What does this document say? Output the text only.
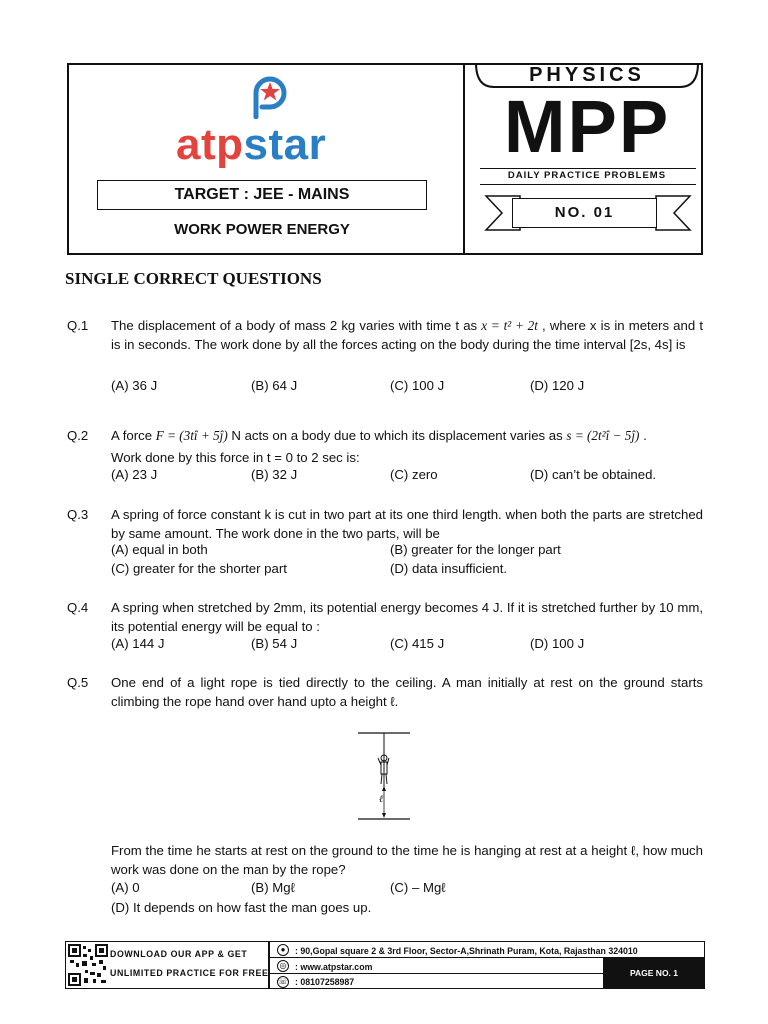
atpstar
TARGET : JEE - MAINS
WORK POWER ENERGY
PHYSICS
MPP
DAILY PRACTICE PROBLEMS
NO. 01
SINGLE CORRECT QUESTIONS
Q.1 The displacement of a body of mass 2 kg varies with time t as x = t² + 2t , where x is in meters and t is in seconds. The work done by all the forces acting on the body during the time interval [2s, 4s] is
(A) 36 J	(B) 64 J	(C) 100 J	(D) 120 J
Q.2 A force F = (3tî + 5ĵ) N acts on a body due to which its displacement varies as s = (2t²î − 5ĵ) .
Work done by this force in t = 0 to 2 sec is:
(A) 23 J	(B) 32 J	(C) zero	(D) can’t be obtained.
Q.3 A spring of force constant k is cut in two part at its one third length. when both the parts are stretched by same amount. The work done in the two parts, will be
(A) equal in both	(B) greater for the longer part
(C) greater for the shorter part	(D) data insufficient.
Q.4 A spring when stretched by 2mm, its potential energy becomes 4 J. If it is stretched further by 10 mm, its potential energy will be equal to :
(A) 144 J	(B) 54 J	(C) 415 J	(D) 100 J
Q.5 One end of a light rope is tied directly to the ceiling. A man initially at rest on the ground starts climbing the rope hand over hand upto a height ℓ.
ℓ
From the time he starts at rest on the ground to the time he is hanging at rest at a height ℓ, how much work was done on the man by the rope?
(A) 0	(B) Mgℓ	(C) – Mgℓ
(D) It depends on how fast the man goes up.
DOWNLOAD OUR APP & GET
UNLIMITED PRACTICE FOR FREE
●	: 90,Gopal square 2 & 3rd Floor, Sector-A,Shrinath Puram, Kota, Rajasthan 324010
◎ : www.atpstar.com
☏ : 08107258987
PAGE NO. 1
